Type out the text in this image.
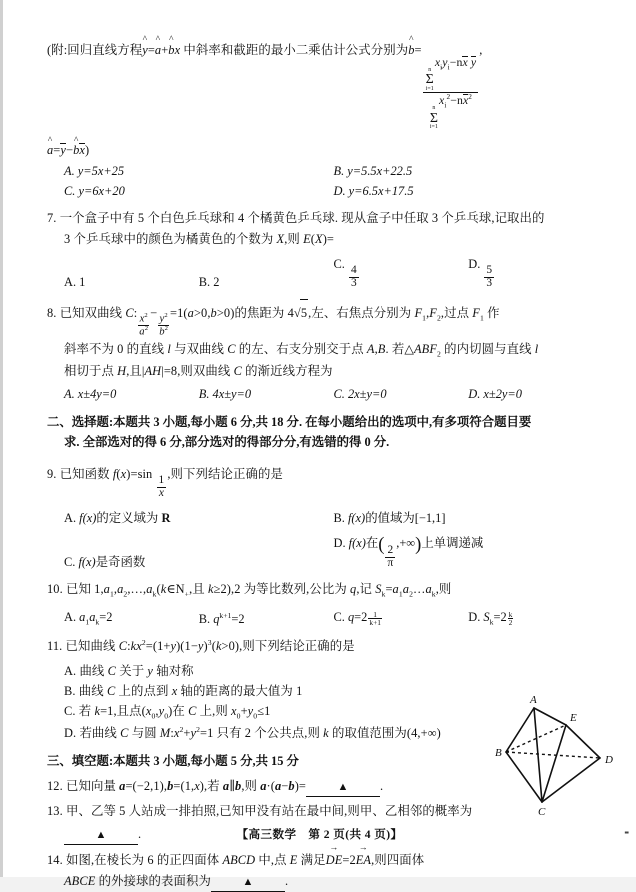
(附:回归直线方程^ y=^ a+^ bx 中斜率和截距的最小二乘估计公式分别为^ b=
n
Σ
i=1
$x_iy_i-nx$ y
n
Σ
i=1
$x_i^2-nx^2$
,
^ a=y−^ bx)
A. y=5x+25	B. y=5.5x+22.5
C. y=6x+20	D. y=6.5x+17.5
7. 一个盒子中有 5 个白色乒乓球和 4 个橘黄色乒乓球. 现从盒子中任取 3 个乒乓球,记取出的
3 个乒乓球中的颜色为橘黄色的个数为 X,则 E(X)=
A. 1	B. 2
C.
$\frac{4}{3}$
D.
$\frac{5}{3}$
8. 已知双曲线 C: $\frac{x^2}{a^2} - \frac{y^2}{b^2} =1(a>0,b>0)$的焦距为 4√5,左、右焦点分别为 $F_1,F_2$,过点 $F_1$ 作
斜率不为 0 的直线 l 与双曲线 C 的左、右支分别交于点 A,B. 若$\triangle ABF_2$ 的内切圆与直线 l
相切于点 H,且|AH|=8,则双曲线 C 的渐近线方程为
A. x±4y=0	B. 4x±y=0	C. 2x±y=0	D. x±2y=0
二、选择题:本题共 3 小题,每小题 6 分,共 18 分. 在每小题给出的选项中,有多项符合题目要
求. 全部选对的得 6 分,部分选对的得部分分,有选错的得 0 分.
9. 已知函数 f(x)=sin
$\frac{1}{x}$
,则下列结论正确的是
A. f(x)的定义域为 R	B. f(x)的值域为[−1,1]
C. f(x)是奇函数
D. f(x)在( $\frac{2}{\pi}$
,+∞)上单调递减
10. 已知 $1,a_1,a_2,\dots,a_k(k\in N_+$,且 k≥2),2 为等比数列,公比为 q,记 $S_k=a_1a_2\dots a_k$,则
A. $a_1a_k=2$	B. $q^{k+1}=2$	C. $q=2 \frac{1}{k+1}$	D. $S_k=2 \frac{k}{2}$
11. 已知曲线 $C:kx^2=(1+y)(1-y)^3(k>0)$,则下列结论正确的是
A. 曲线 C 关于 y 轴对称
B. 曲线 C 上的点到 x 轴的距离的最大值为 1
C. 若 k=1,且点$(x_0,y_0)$在 C 上,则 $x_0+y_0\le 1$
D. 若曲线 C 与圆 $M:x^2+y^2=1$ 只有 2 个公共点,则 k 的取值范围为(4,+∞)
三、填空题:本题共 3 小题,每小题 5 分,共 15 分
12. 已知向量 a=(−2,1),b=(1,x),若 a∥b,则 a·(a−b)=	▲	.
13. 甲、乙等 5 人站成一排拍照,已知甲没有站在最中间,则甲、乙相邻的概率为
▲	.
14. 如图,在棱长为 6 的正四面体 ABCD 中,点 E 满足→ DE=2→ EA,则四面体
ABCE 的外接球的表面积为	▲	.
A
E
B
D
C
【高三数学　第 2 页(共 4 页)】	▪▪
